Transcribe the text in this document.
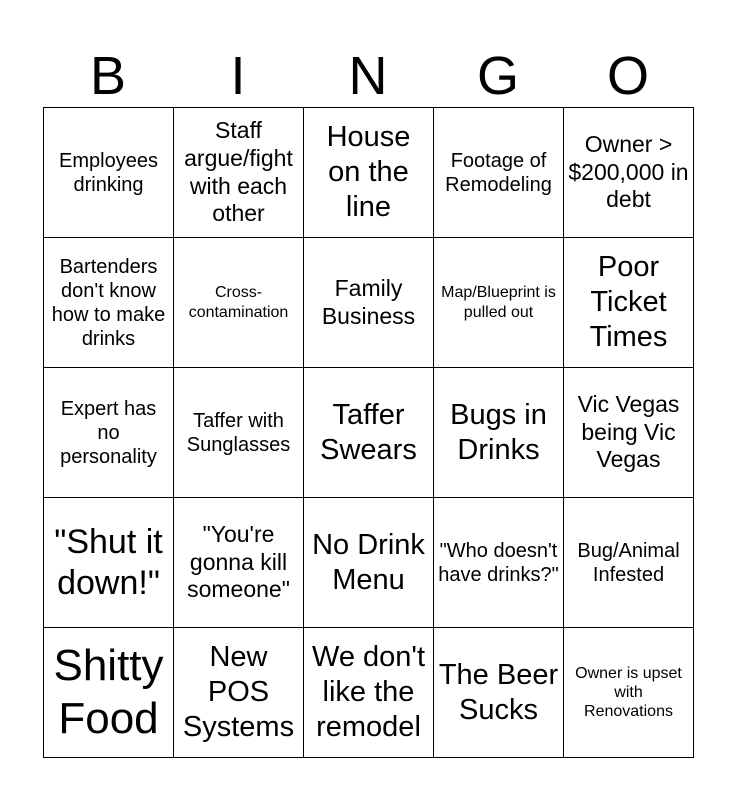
B	I	N	G	O
Employees drinking	Staff argue/fight with each other	House on the line	Footage of Remodeling	Owner > $200,000 in debt
Bartenders don't know how to make drinks	Cross-contamination	Family Business	Map/Blueprint is pulled out	Poor Ticket Times
Expert has no personality	Taffer with Sunglasses	Taffer Swears	Bugs in Drinks	Vic Vegas being Vic Vegas
"Shut it down!"	"You're gonna kill someone"	No Drink Menu	"Who doesn't have drinks?"	Bug/Animal Infested
Shitty Food	New POS Systems	We don't like the remodel	The Beer Sucks	Owner is upset with Renovations
